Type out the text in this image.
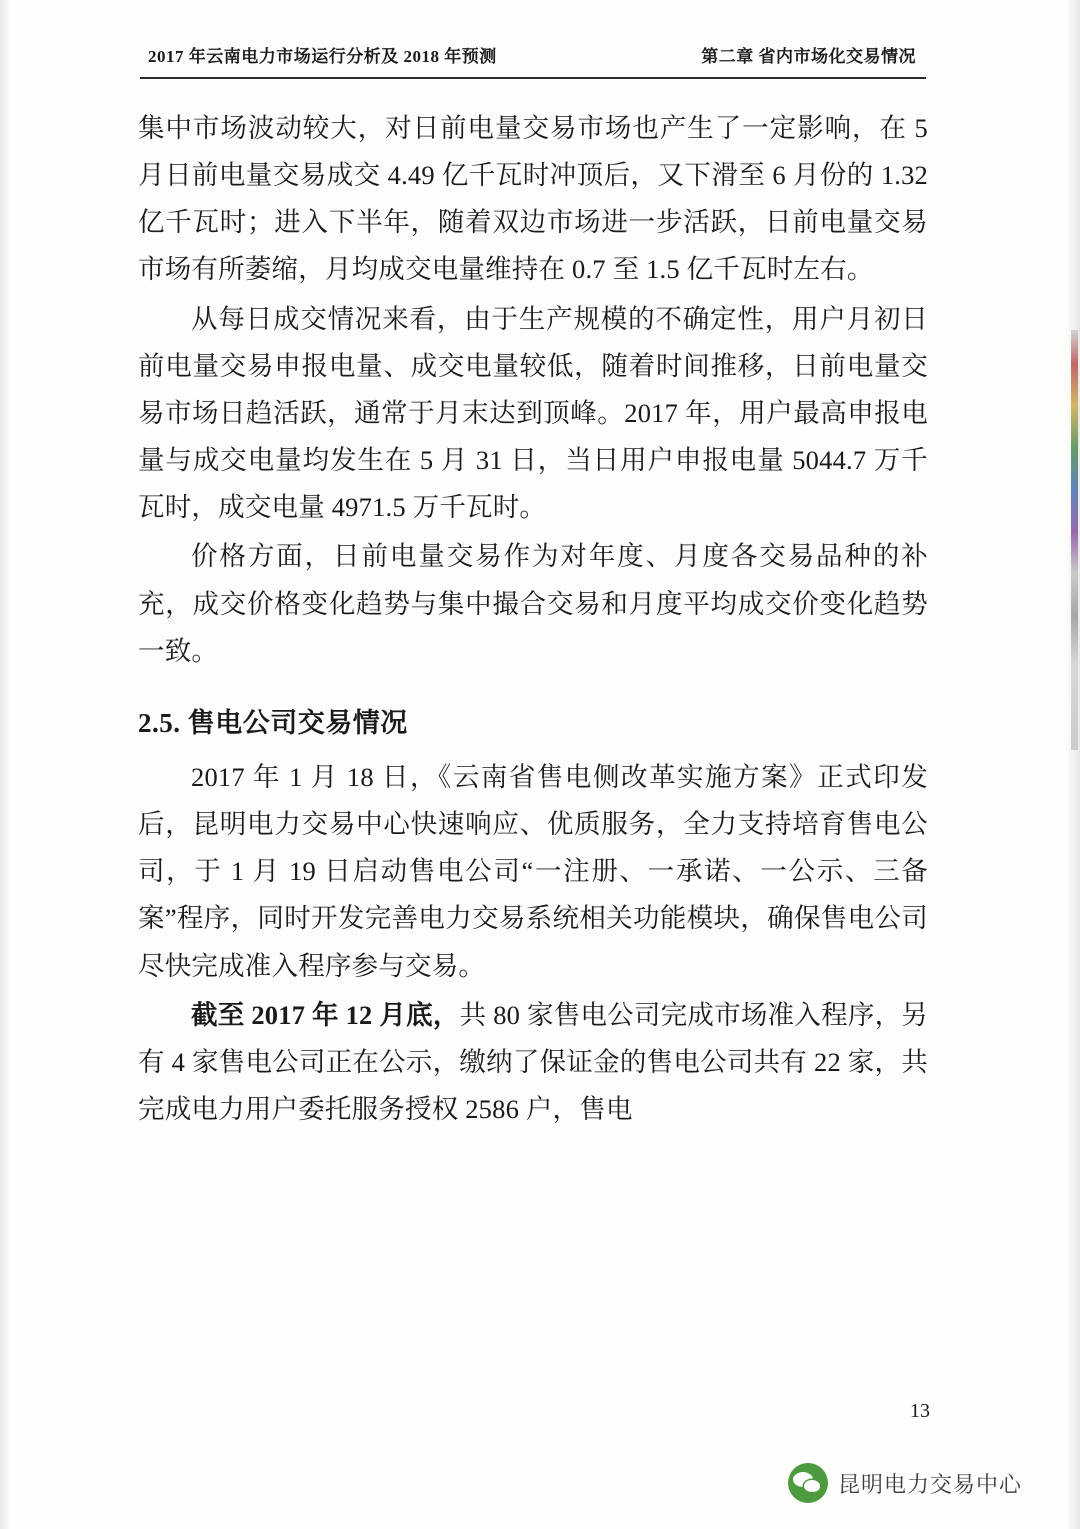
2017 年云南电力市场运行分析及 2018 年预测	第二章 省内市场化交易情况

集中市场波动较大，对日前电量交易市场也产生了一定影响，在 5 月日前电量交易成交 4.49 亿千瓦时冲顶后，又下滑至 6 月份的 1.32 亿千瓦时；进入下半年，随着双边市场进一步活跃，日前电量交易市场有所萎缩，月均成交电量维持在 0.7 至 1.5 亿千瓦时左右。

从每日成交情况来看，由于生产规模的不确定性，用户月初日前电量交易申报电量、成交电量较低，随着时间推移，日前电量交易市场日趋活跃，通常于月末达到顶峰。2017 年，用户最高申报电量与成交电量均发生在 5 月 31 日，当日用户申报电量 5044.7 万千瓦时，成交电量 4971.5 万千瓦时。

价格方面，日前电量交易作为对年度、月度各交易品种的补充，成交价格变化趋势与集中撮合交易和月度平均成交价变化趋势一致。

2.5. 售电公司交易情况

2017 年 1 月 18 日，《云南省售电侧改革实施方案》正式印发后，昆明电力交易中心快速响应、优质服务，全力支持培育售电公司，于 1 月 19 日启动售电公司“一注册、一承诺、一公示、三备案”程序，同时开发完善电力交易系统相关功能模块，确保售电公司尽快完成准入程序参与交易。

截至 2017 年 12 月底，共 80 家售电公司完成市场准入程序，另有 4 家售电公司正在公示，缴纳了保证金的售电公司共有 22 家，共完成电力用户委托服务授权 2586 户，售电

13
昆明电力交易中心
